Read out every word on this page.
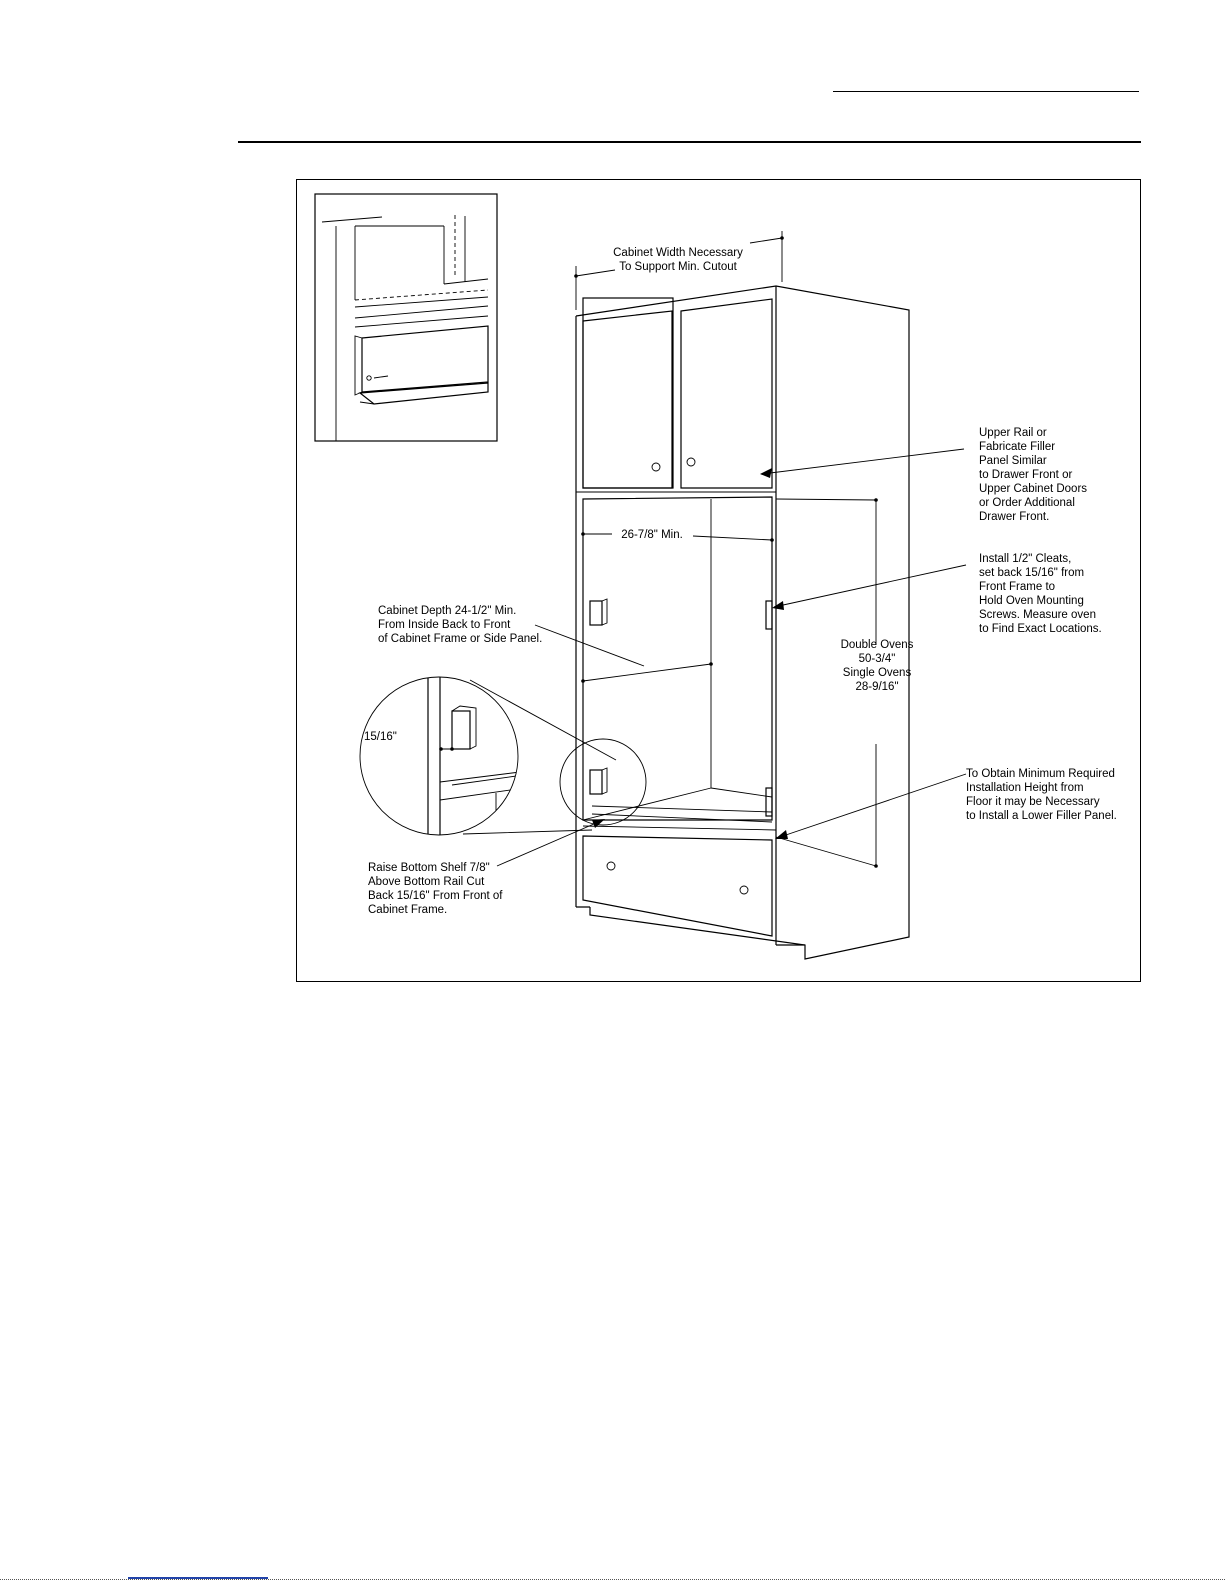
Cabinet Width Necessary
To Support Min. Cutout
Upper Rail or
Fabricate Filler
Panel Similar
to Drawer Front or
Upper Cabinet Doors
or Order Additional
Drawer Front.
26-7/8" Min.
Install 1/2" Cleats,
set back 15/16" from
Front Frame to
Hold Oven Mounting
Screws. Measure oven
to Find Exact Locations.
Cabinet Depth 24-1/2" Min.
From Inside Back to Front
of Cabinet Frame or Side Panel.	Double Ovens
50-3/4"
Single Ovens
28-9/16"
15/16"
To Obtain Minimum Required
Installation Height from
Floor it may be Necessary
to Install a Lower Filler Panel.
Raise Bottom Shelf 7/8"
Above Bottom Rail Cut
Back 15/16" From Front of
Cabinet Frame.
